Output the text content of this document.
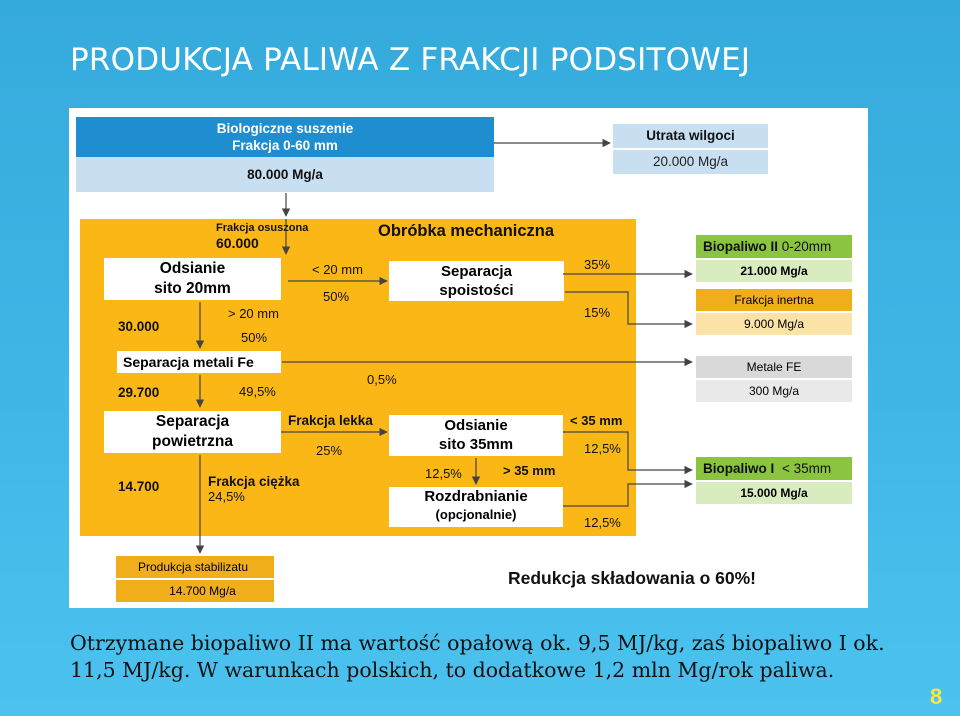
PRODUKCJA PALIWA Z FRAKCJI PODSITOWEJ
Biologiczne suszenie
Frakcja 0-60 mm
80.000 Mg/a
Utrata wilgoci
20.000 Mg/a
Obróbka mechaniczna
Frakcja osuszona
60.000
Odsianie
sito 20mm
30.000
< 20 mm
50%
> 20 mm
50%
Separacja
spoistości
35%
15%
Separacja metali Fe
29.700	49,5%
0,5%
Separacja
powietrzna
14.700
Frakcja lekka
25%
Frakcja ciężka
24,5%
Odsianie
sito 35mm
< 35 mm
12,5%
12,5%	> 35 mm
12,5%
Rozdrabnianie
(opcjonalnie)
Biopaliwo II 0-20mm
21.000 Mg/a
Frakcja inertna
9.000 Mg/a
Metale FE
300 Mg/a
Biopaliwo I < 35mm
15.000 Mg/a
Produkcja stabilizatu
14.700 Mg/a
Redukcja składowania o 60%!
Otrzymane biopaliwo II ma wartość opałową ok. 9,5 MJ/kg, zaś biopaliwo I ok. 11,5 MJ/kg. W warunkach polskich, to dodatkowe 1,2 mln Mg/rok paliwa.
8
